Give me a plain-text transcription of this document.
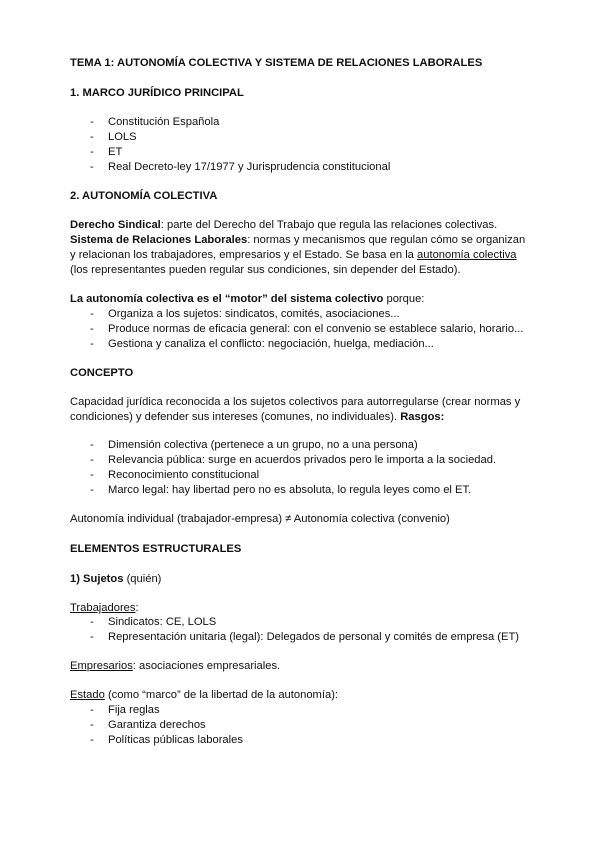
TEMA 1: AUTONOMÍA COLECTIVA Y SISTEMA DE RELACIONES LABORALES
1. MARCO JURÍDICO PRINCIPAL
- Constitución Española
- LOLS
- ET
- Real Decreto-ley 17/1977 y Jurisprudencia constitucional
2. AUTONOMÍA COLECTIVA
Derecho Sindical: parte del Derecho del Trabajo que regula las relaciones colectivas.
Sistema de Relaciones Laborales: normas y mecanismos que regulan cómo se organizan
y relacionan los trabajadores, empresarios y el Estado. Se basa en la autonomía colectiva
(los representantes pueden regular sus condiciones, sin depender del Estado).
La autonomía colectiva es el “motor” del sistema colectivo porque:
- Organiza a los sujetos: sindicatos, comités, asociaciones...
- Produce normas de eficacia general: con el convenio se establece salario, horario...
- Gestiona y canaliza el conflicto: negociación, huelga, mediación...
CONCEPTO
Capacidad jurídica reconocida a los sujetos colectivos para autorregularse (crear normas y
condiciones) y defender sus intereses (comunes, no individuales). Rasgos:
- Dimensión colectiva (pertenece a un grupo, no a una persona)
- Relevancia pública: surge en acuerdos privados pero le importa a la sociedad.
- Reconocimiento constitucional
- Marco legal: hay libertad pero no es absoluta, lo regula leyes como el ET.
Autonomía individual (trabajador-empresa) ≠ Autonomía colectiva (convenio)
ELEMENTOS ESTRUCTURALES
1) Sujetos (quién)
Trabajadores:
- Sindicatos: CE, LOLS
- Representación unitaria (legal): Delegados de personal y comités de empresa (ET)
Empresarios: asociaciones empresariales.
Estado (como “marco” de la libertad de la autonomía):
- Fija reglas
- Garantiza derechos
- Políticas públicas laborales
